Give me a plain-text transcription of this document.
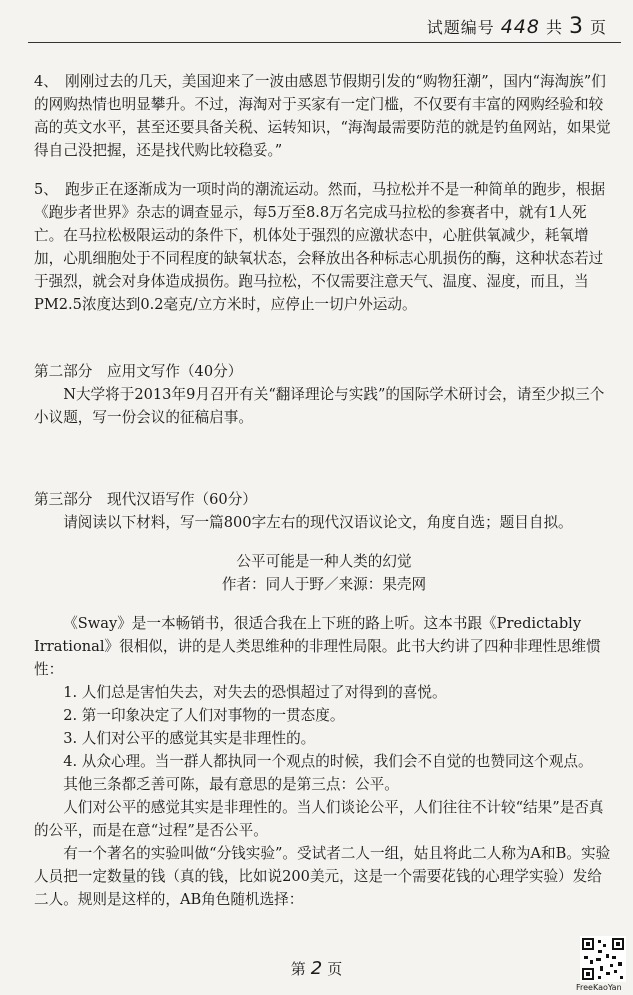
试题编号 448 共 3 页

4、　刚刚过去的几天，美国迎来了一波由感恩节假期引发的“购物狂潮”，国内“海淘族”们的网购热情也明显攀升。不过，海淘对于买家有一定门槛，不仅要有丰富的网购经验和较高的英文水平，甚至还要具备关税、运转知识，“海淘最需要防范的就是钓鱼网站，如果觉得自己没把握，还是找代购比较稳妥。”

5、　跑步正在逐渐成为一项时尚的潮流运动。然而，马拉松并不是一种简单的跑步，根据《跑步者世界》杂志的调查显示，每5万至8.8万名完成马拉松的参赛者中，就有1人死亡。在马拉松极限运动的条件下，机体处于强烈的应激状态中，心脏供氧减少，耗氧增加，心肌细胞处于不同程度的缺氧状态，会释放出各种标志心肌损伤的酶，这种状态若过于强烈，就会对身体造成损伤。跑马拉松，不仅需要注意天气、温度、湿度，而且，当PM2.5浓度达到0.2毫克/立方米时，应停止一切户外运动。

第二部分　应用文写作（40分）

N大学将于2013年9月召开有关“翻译理论与实践”的国际学术研讨会，请至少拟三个小议题，写一份会议的征稿启事。

第三部分　现代汉语写作（60分）

请阅读以下材料，写一篇800字左右的现代汉语议论文，角度自选；题目自拟。

公平可能是一种人类的幻觉

作者：同人于野／来源：果壳网

《Sway》是一本畅销书，很适合我在上下班的路上听。这本书跟《Predictably Irrational》很相似，讲的是人类思维种的非理性局限。此书大约讲了四种非理性思维惯性：

1. 人们总是害怕失去，对失去的恐惧超过了对得到的喜悦。

2. 第一印象决定了人们对事物的一贯态度。

3. 人们对公平的感觉其实是非理性的。

4. 从众心理。当一群人都执同一个观点的时候，我们会不自觉的也赞同这个观点。

其他三条都乏善可陈，最有意思的是第三点：公平。

人们对公平的感觉其实是非理性的。当人们谈论公平，人们往往不计较“结果”是否真的公平，而是在意“过程”是否公平。

有一个著名的实验叫做“分钱实验”。受试者二人一组，姑且将此二人称为A和B。实验人员把一定数量的钱（真的钱，比如说200美元，这是一个需要花钱的心理学实验）发给二人。规则是这样的，AB角色随机选择：

第 2 页
FreeKaoYan
